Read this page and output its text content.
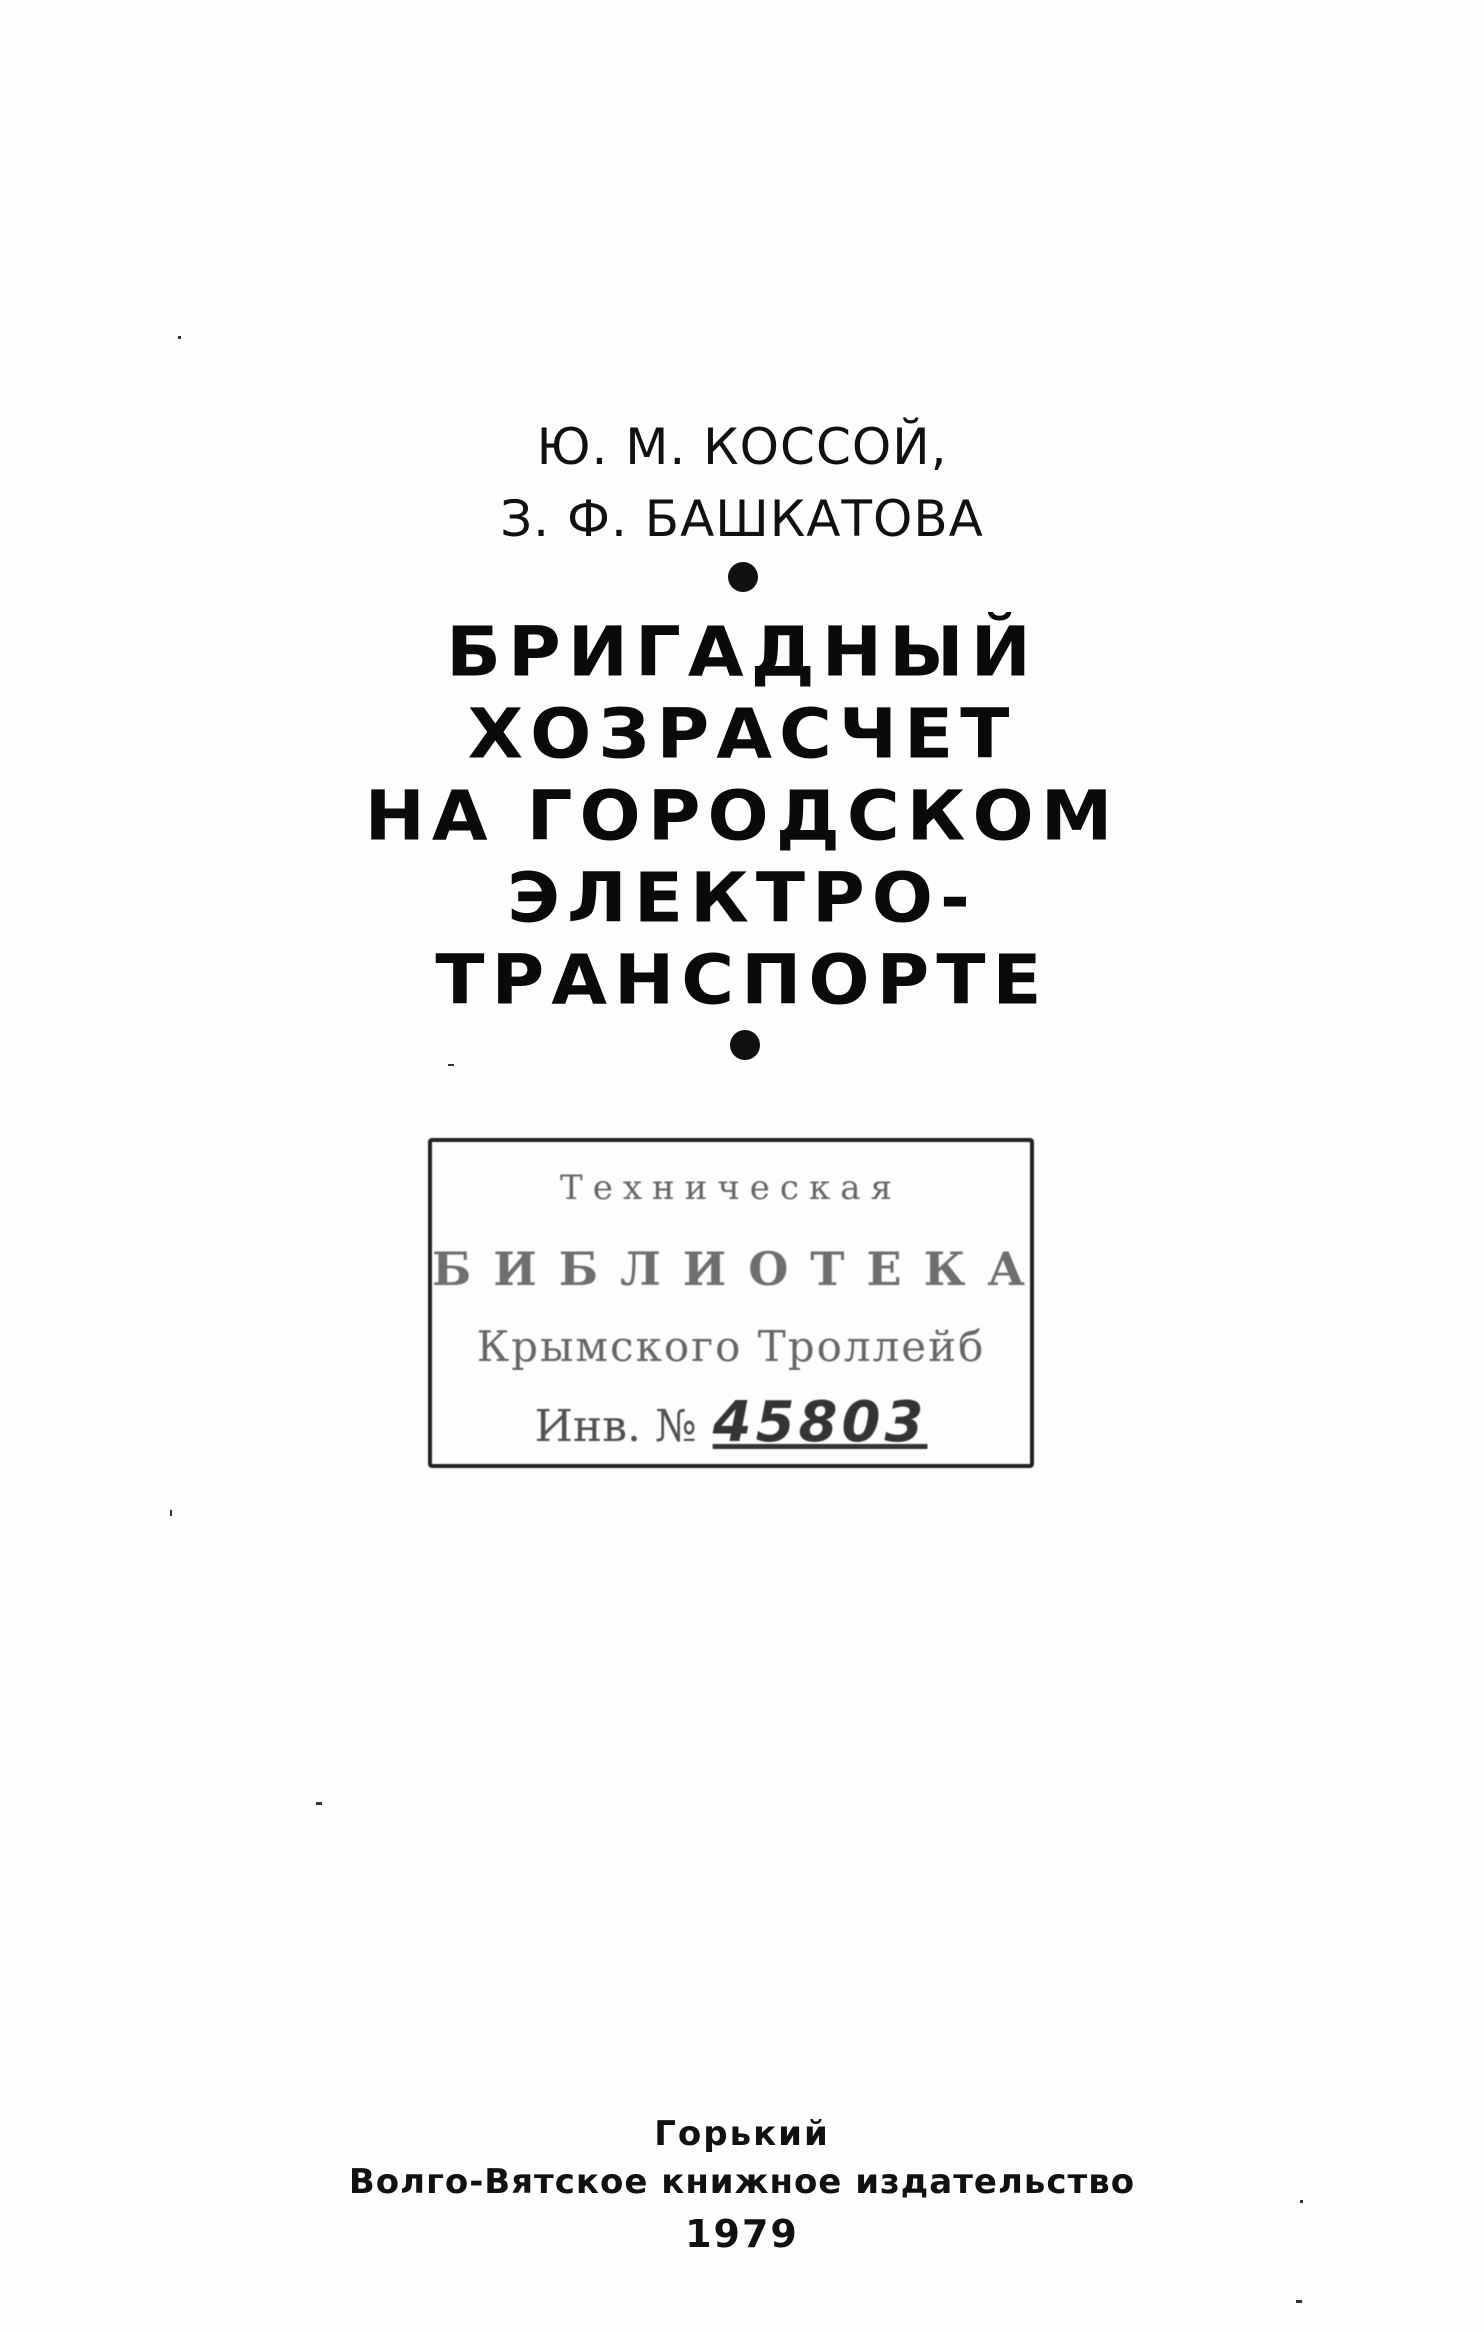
Ю. М. КОССОЙ,
З. Ф. БАШКАТОВА
БРИГАДНЫЙ
ХОЗРАСЧЕТ
НА ГОРОДСКОМ
ЭЛЕКТРО-
ТРАНСПОРТЕ
Техническая
БИБЛИОТЕКА
Крымского Троллейб
Инв. № 45803
Горький
Волго-Вятское книжное издательство
1979
